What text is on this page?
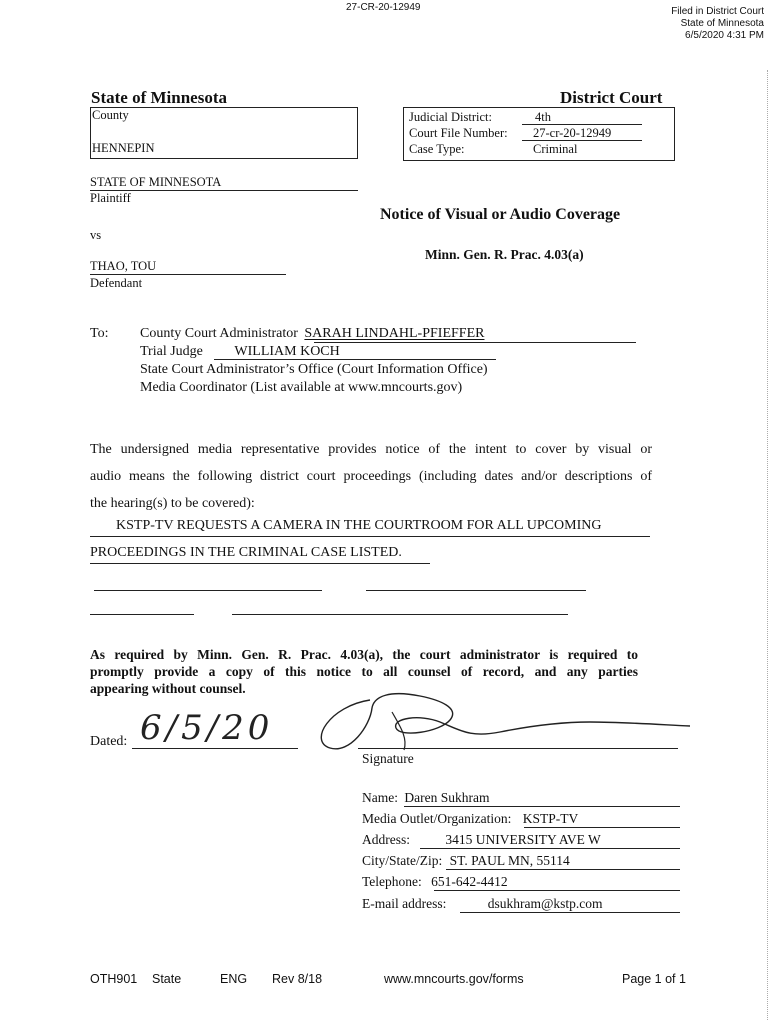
27-CR-20-12949	Filed in District Court
State of Minnesota
6/5/2020 4:31 PM
State of Minnesota	District Court
County
HENNEPIN
Judicial District:	4th
Court File Number: 27-cr-20-12949
Case Type:	Criminal
STATE OF MINNESOTA
Plaintiff
vs
THAO, TOU
Defendant
Notice of Visual or Audio Coverage
Minn. Gen. R. Prac. 4.03(a)
To: County Court Administrator SARAH LINDAHL-PFIEFFER
Trial Judge WILLIAM KOCH
State Court Administrator’s Office (Court Information Office)
Media Coordinator (List available at www.mncourts.gov)
The undersigned media representative provides notice of the intent to cover by visual or
audio means the following district court proceedings (including dates and/or descriptions of
the hearing(s) to be covered):
KSTP-TV REQUESTS A CAMERA IN THE COURTROOM FOR ALL UPCOMING
PROCEEDINGS IN THE CRIMINAL CASE LISTED.
As required by Minn. Gen. R. Prac. 4.03(a), the court administrator is required to
promptly provide a copy of this notice to all counsel of record, and any parties
appearing without counsel.
Dated: 6/5/20
Signature
Name: Daren Sukhram
Media Outlet/Organization: KSTP-TV
Address:	3415 UNIVERSITY AVE W
City/State/Zip: ST. PAUL MN, 55114
Telephone: 651-642-4412
E-mail address:	dsukhram@kstp.com
OTH901 State	ENG Rev 8/18	www.mncourts.gov/forms	Page 1 of 1
